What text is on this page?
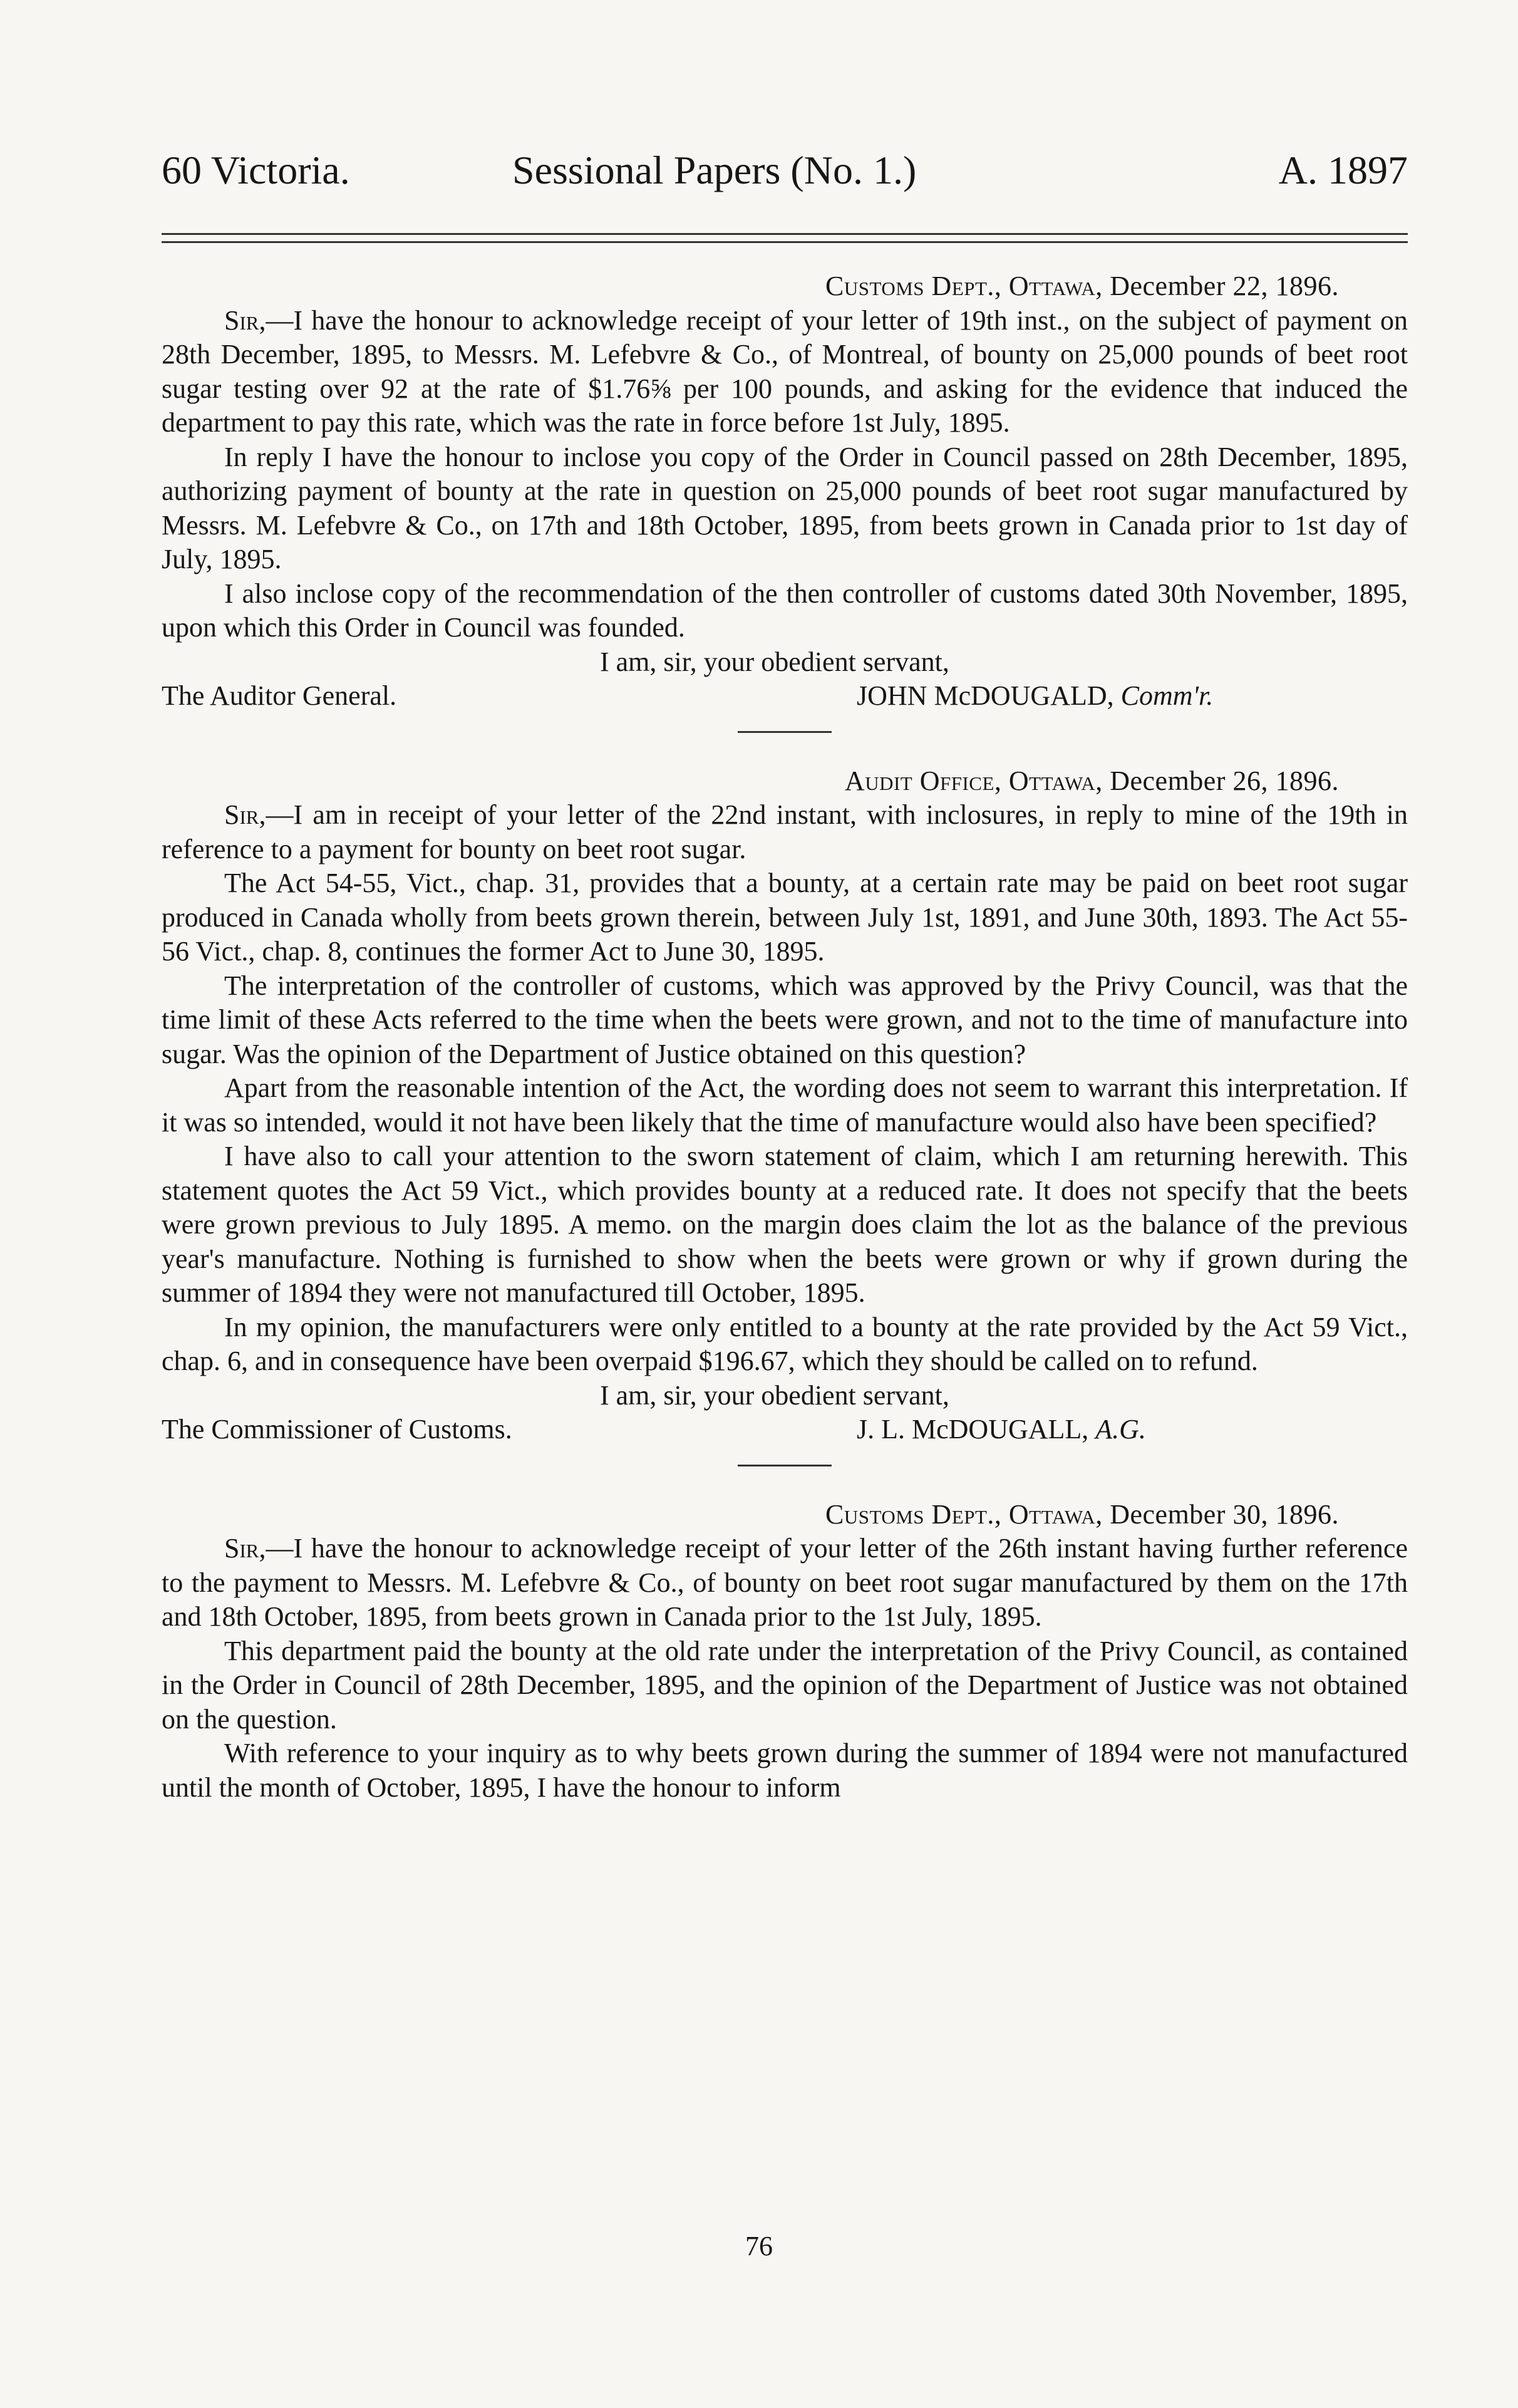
60 Victoria.	Sessional Papers (No. 1.)	A. 1897

Customs Dept., Ottawa, December 22, 1896.

Sir,—I have the honour to acknowledge receipt of your letter of 19th inst., on the subject of payment on 28th December, 1895, to Messrs. M. Lefebvre & Co., of Montreal, of bounty on 25,000 pounds of beet root sugar testing over 92 at the rate of $1.76⅝ per 100 pounds, and asking for the evidence that induced the department to pay this rate, which was the rate in force before 1st July, 1895.

In reply I have the honour to inclose you copy of the Order in Council passed on 28th December, 1895, authorizing payment of bounty at the rate in question on 25,000 pounds of beet root sugar manufactured by Messrs. M. Lefebvre & Co., on 17th and 18th October, 1895, from beets grown in Canada prior to 1st day of July, 1895.

I also inclose copy of the recommendation of the then controller of customs dated 30th November, 1895, upon which this Order in Council was founded.

I am, sir, your obedient servant,

The Auditor General.	JOHN McDOUGALD, Comm'r.

Audit Office, Ottawa, December 26, 1896.

Sir,—I am in receipt of your letter of the 22nd instant, with inclosures, in reply to mine of the 19th in reference to a payment for bounty on beet root sugar.

The Act 54-55, Vict., chap. 31, provides that a bounty, at a certain rate may be paid on beet root sugar produced in Canada wholly from beets grown therein, between July 1st, 1891, and June 30th, 1893. The Act 55-56 Vict., chap. 8, continues the former Act to June 30, 1895.

The interpretation of the controller of customs, which was approved by the Privy Council, was that the time limit of these Acts referred to the time when the beets were grown, and not to the time of manufacture into sugar. Was the opinion of the Department of Justice obtained on this question?

Apart from the reasonable intention of the Act, the wording does not seem to warrant this interpretation. If it was so intended, would it not have been likely that the time of manufacture would also have been specified?

I have also to call your attention to the sworn statement of claim, which I am returning herewith. This statement quotes the Act 59 Vict., which provides bounty at a reduced rate. It does not specify that the beets were grown previous to July 1895. A memo. on the margin does claim the lot as the balance of the previous year's manufacture. Nothing is furnished to show when the beets were grown or why if grown during the summer of 1894 they were not manufactured till October, 1895.

In my opinion, the manufacturers were only entitled to a bounty at the rate provided by the Act 59 Vict., chap. 6, and in consequence have been overpaid $196.67, which they should be called on to refund.

I am, sir, your obedient servant,

The Commissioner of Customs.	J. L. McDOUGALL, A.G.

Customs Dept., Ottawa, December 30, 1896.

Sir,—I have the honour to acknowledge receipt of your letter of the 26th instant having further reference to the payment to Messrs. M. Lefebvre & Co., of bounty on beet root sugar manufactured by them on the 17th and 18th October, 1895, from beets grown in Canada prior to the 1st July, 1895.

This department paid the bounty at the old rate under the interpretation of the Privy Council, as contained in the Order in Council of 28th December, 1895, and the opinion of the Department of Justice was not obtained on the question.

With reference to your inquiry as to why beets grown during the summer of 1894 were not manufactured until the month of October, 1895, I have the honour to inform

76
